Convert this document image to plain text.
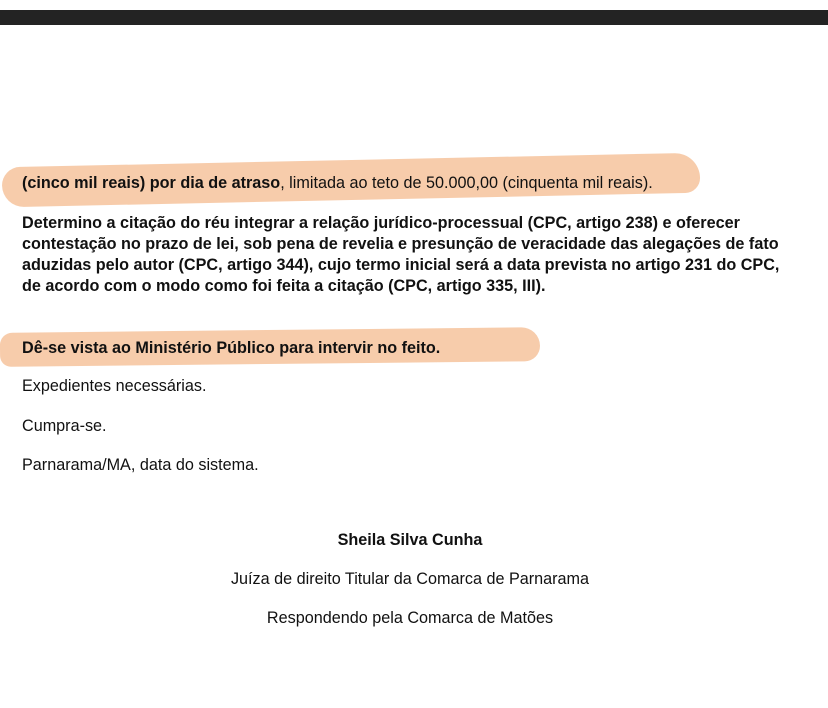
(cinco mil reais) por dia de atraso, limitada ao teto de 50.000,00 (cinquenta mil reais).
Determino a citação do réu integrar a relação jurídico-processual (CPC, artigo 238) e oferecer contestação no prazo de lei, sob pena de revelia e presunção de veracidade das alegações de fato aduzidas pelo autor (CPC, artigo 344), cujo termo inicial será a data prevista no artigo 231 do CPC, de acordo com o modo como foi feita a citação (CPC, artigo 335, III).
Dê-se vista ao Ministério Público para intervir no feito.
Expedientes necessárias.
Cumpra-se.
Parnarama/MA, data do sistema.
Sheila Silva Cunha
Juíza de direito Titular da Comarca de Parnarama
Respondendo pela Comarca de Matões
